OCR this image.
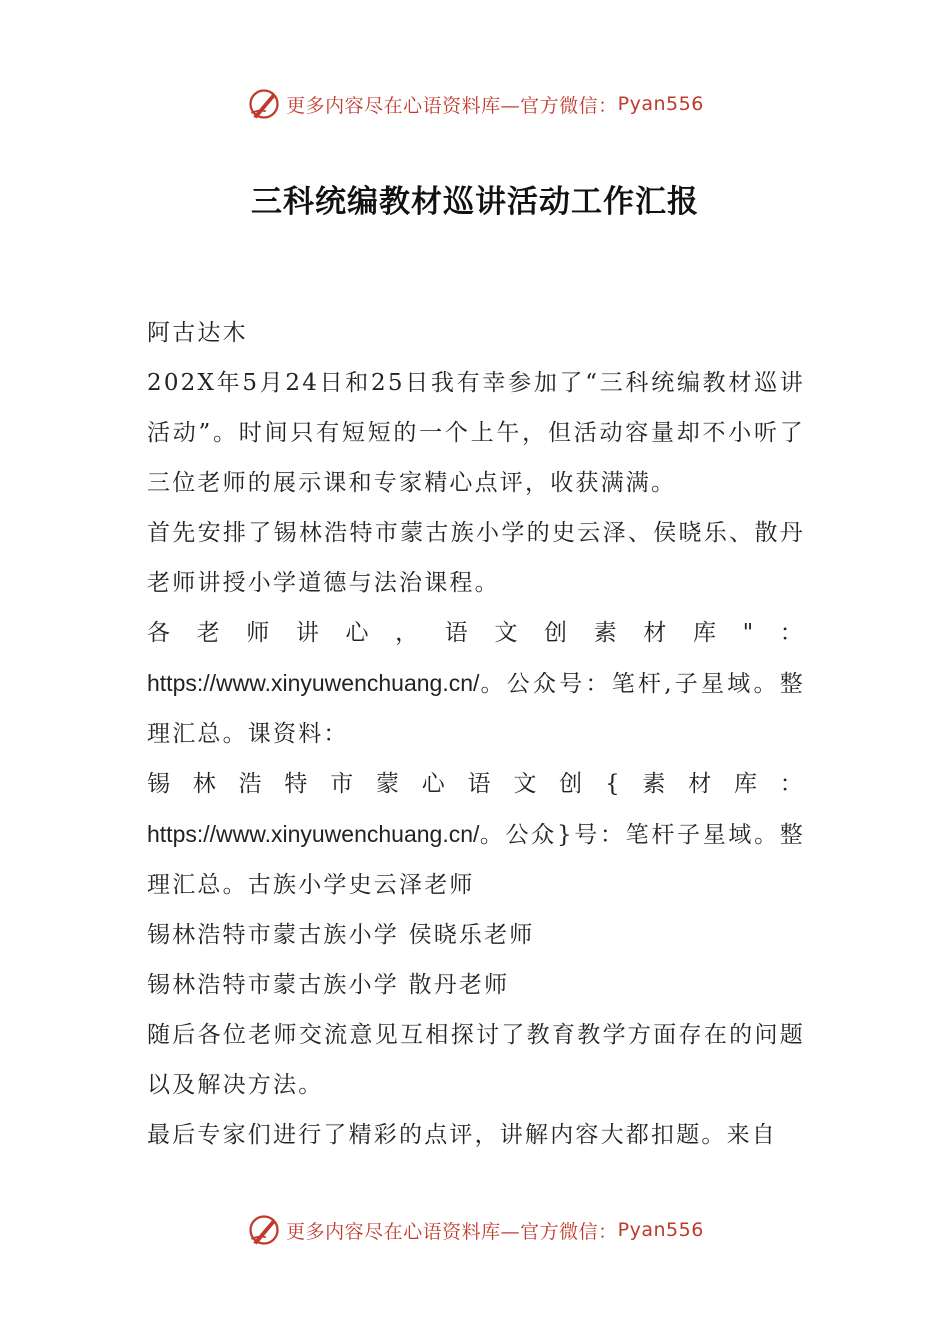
更多内容尽在心语资料库—官方微信： Pyan556
三科统编教材巡讲活动工作汇报

阿古达木

202X年5月24日和25日我有幸参加了“三科统编教材巡讲活动”。时间只有短短的一个上午，但活动容量却不小听了三位老师的展示课和专家精心点评，收获满满。

首先安排了锡林浩特市蒙古族小学的史云泽、侯晓乐、散丹老师讲授小学道德与法治课程。

各老师讲心，语文创素材库"： https://www.xinyuwenchuang.cn/。公众号：笔杆,子星域。整理汇总。课资料：

锡林浩特市蒙心语文创{素材库： https://www.xinyuwenchuang.cn/。公众}号：笔杆子星域。整理汇总。古族小学史云泽老师

锡林浩特市蒙古族小学 侯晓乐老师

锡林浩特市蒙古族小学 散丹老师

随后各位老师交流意见互相探讨了教育教学方面存在的问题以及解决方法。

最后专家们进行了精彩的点评，讲解内容大都扣题。来自

更多内容尽在心语资料库—官方微信： Pyan556
